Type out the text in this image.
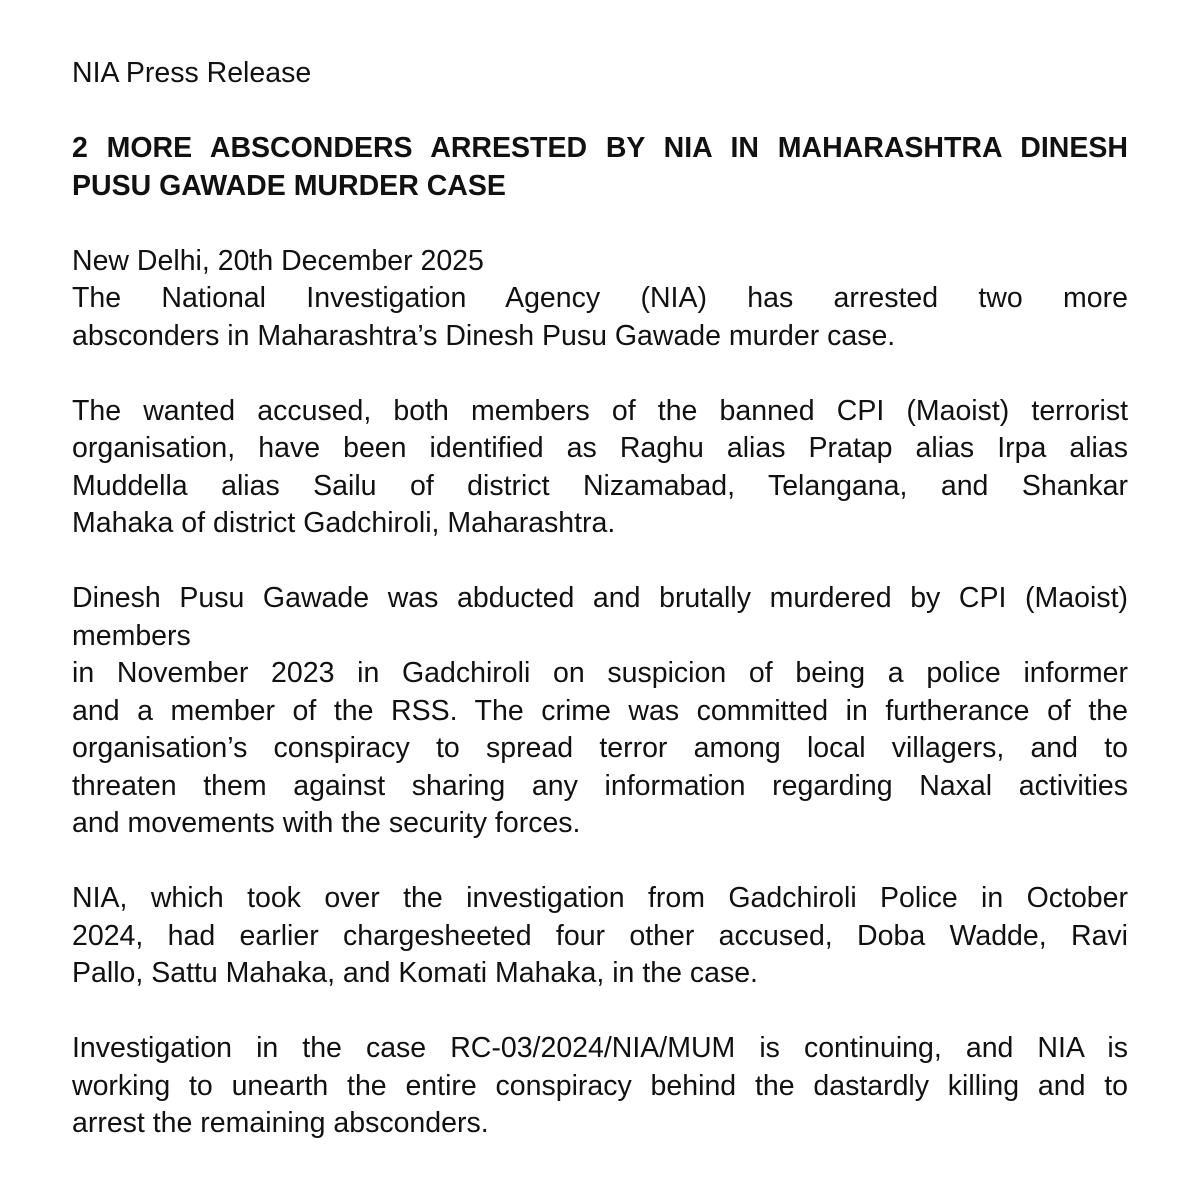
NIA Press Release
2 MORE ABSCONDERS ARRESTED BY NIA IN MAHARASHTRA DINESH
PUSU GAWADE MURDER CASE
New Delhi, 20th December 2025
The National Investigation Agency (NIA) has arrested two more
absconders in Maharashtra’s Dinesh Pusu Gawade murder case.
The wanted accused, both members of the banned CPI (Maoist) terrorist
organisation, have been identified as Raghu alias Pratap alias Irpa alias
Muddella alias Sailu of district Nizamabad, Telangana, and Shankar
Mahaka of district Gadchiroli, Maharashtra.
Dinesh Pusu Gawade was abducted and brutally murdered by CPI (Maoist)
members
in November 2023 in Gadchiroli on suspicion of being a police informer
and a member of the RSS. The crime was committed in furtherance of the
organisation’s conspiracy to spread terror among local villagers, and to
threaten them against sharing any information regarding Naxal activities
and movements with the security forces.
NIA, which took over the investigation from Gadchiroli Police in October
2024, had earlier chargesheeted four other accused, Doba Wadde, Ravi
Pallo, Sattu Mahaka, and Komati Mahaka, in the case.
Investigation in the case RC-03/2024/NIA/MUM is continuing, and NIA is
working to unearth the entire conspiracy behind the dastardly killing and to
arrest the remaining absconders.
